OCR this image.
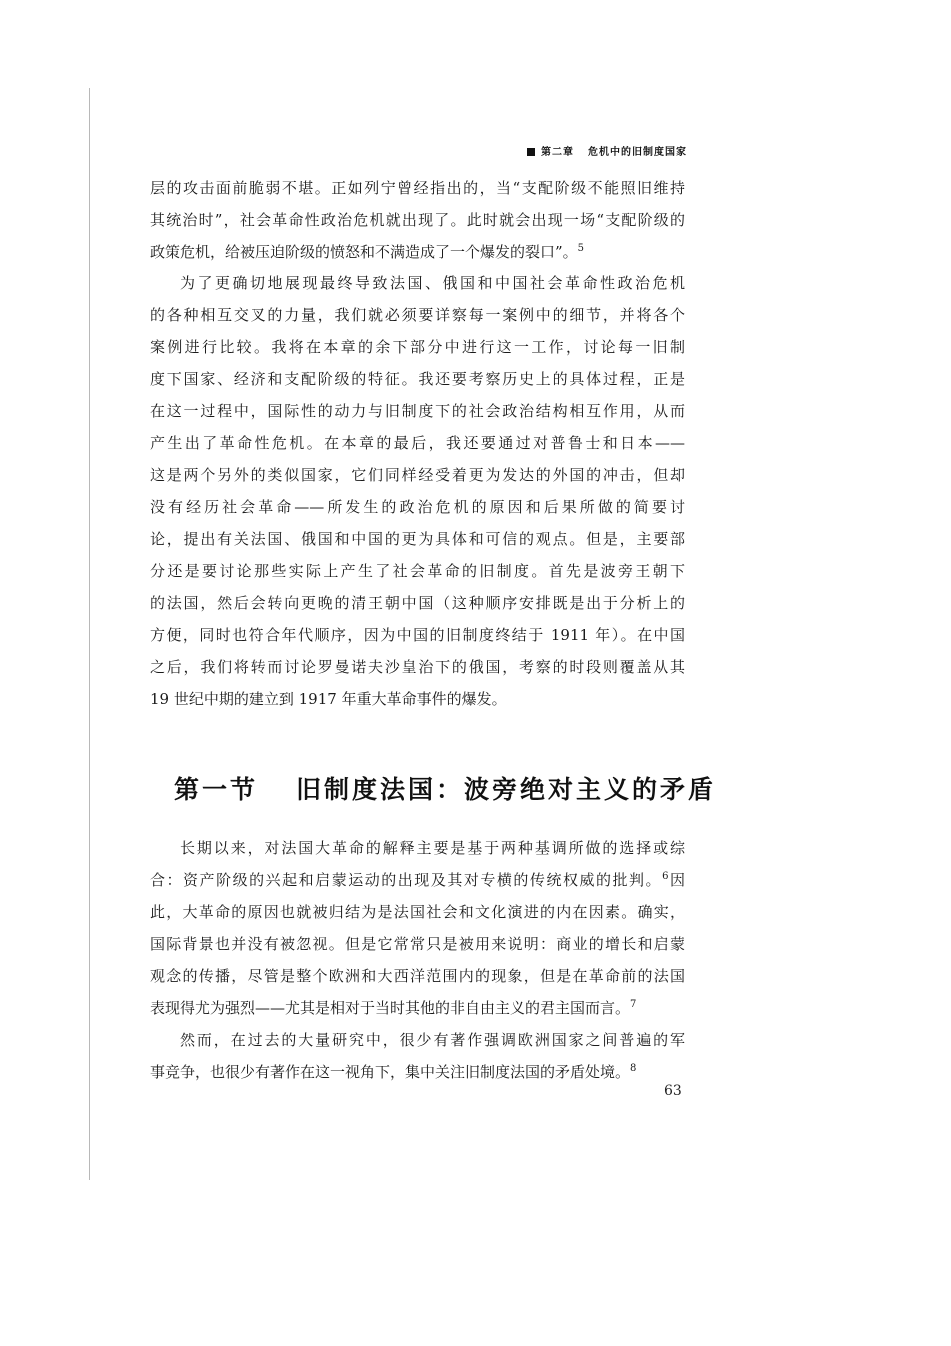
第二章 危机中的旧制度国家
层的攻击面前脆弱不堪。正如列宁曾经指出的，当“支配阶级不能照旧维持
其统治时”，社会革命性政治危机就出现了。此时就会出现一场“支配阶级的
政策危机，给被压迫阶级的愤怒和不满造成了一个爆发的裂口”。$^5$
为了更确切地展现最终导致法国、俄国和中国社会革命性政治危机
的各种相互交叉的力量，我们就必须要详察每一案例中的细节，并将各个
案例进行比较。我将在本章的余下部分中进行这一工作，讨论每一旧制
度下国家、经济和支配阶级的特征。我还要考察历史上的具体过程，正是
在这一过程中，国际性的动力与旧制度下的社会政治结构相互作用，从而
产生出了革命性危机。在本章的最后，我还要通过对普鲁士和日本——
这是两个另外的类似国家，它们同样经受着更为发达的外国的冲击，但却
没有经历社会革命——所发生的政治危机的原因和后果所做的简要讨
论，提出有关法国、俄国和中国的更为具体和可信的观点。但是，主要部
分还是要讨论那些实际上产生了社会革命的旧制度。首先是波旁王朝下
的法国，然后会转向更晚的清王朝中国（这种顺序安排既是出于分析上的
方便，同时也符合年代顺序，因为中国的旧制度终结于 1911 年）。在中国
之后，我们将转而讨论罗曼诺夫沙皇治下的俄国，考察的时段则覆盖从其
19 世纪中期的建立到 1917 年重大革命事件的爆发。
第一节 旧制度法国：波旁绝对主义的矛盾
长期以来，对法国大革命的解释主要是基于两种基调所做的选择或综
合：资产阶级的兴起和启蒙运动的出现及其对专横的传统权威的批判。$^6$因
此，大革命的原因也就被归结为是法国社会和文化演进的内在因素。确实，
国际背景也并没有被忽视。但是它常常只是被用来说明：商业的增长和启蒙
观念的传播，尽管是整个欧洲和大西洋范围内的现象，但是在革命前的法国
表现得尤为强烈——尤其是相对于当时其他的非自由主义的君主国而言。$^7$
然而，在过去的大量研究中，很少有著作强调欧洲国家之间普遍的军
事竞争，也很少有著作在这一视角下，集中关注旧制度法国的矛盾处境。$^8$
63
